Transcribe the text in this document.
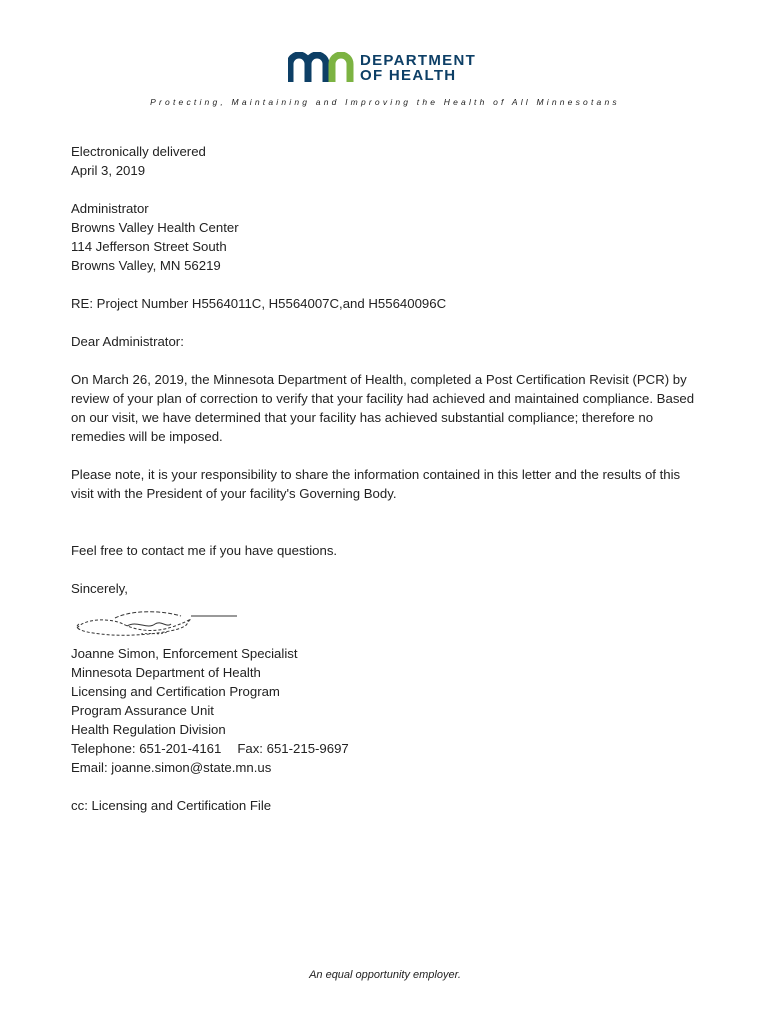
DEPARTMENT
OF HEALTH
Protecting, Maintaining and Improving the Health of All Minnesotans

Electronically delivered

April 3, 2019

Administrator

Browns Valley Health Center

114 Jefferson Street South

Browns Valley, MN 56219

RE: Project Number H5564011C, H5564007C,and H55640096C

Dear Administrator:

On March 26, 2019, the Minnesota Department of Health, completed a Post Certification Revisit (PCR) by review of your plan of correction to verify that your facility had achieved and maintained compliance. Based on our visit, we have determined that your facility has achieved substantial compliance; therefore no remedies will be imposed.

Please note, it is your responsibility to share the information contained in this letter and the results of this visit with the President of your facility's Governing Body.

Feel free to contact me if you have questions.

Sincerely,

Joanne Simon, Enforcement Specialist

Minnesota Department of Health

Licensing and Certification Program

Program Assurance Unit

Health Regulation Division

Telephone: 651-201-4161 Fax: 651-215-9697

Email: joanne.simon@state.mn.us

cc: Licensing and Certification File

An equal opportunity employer.
